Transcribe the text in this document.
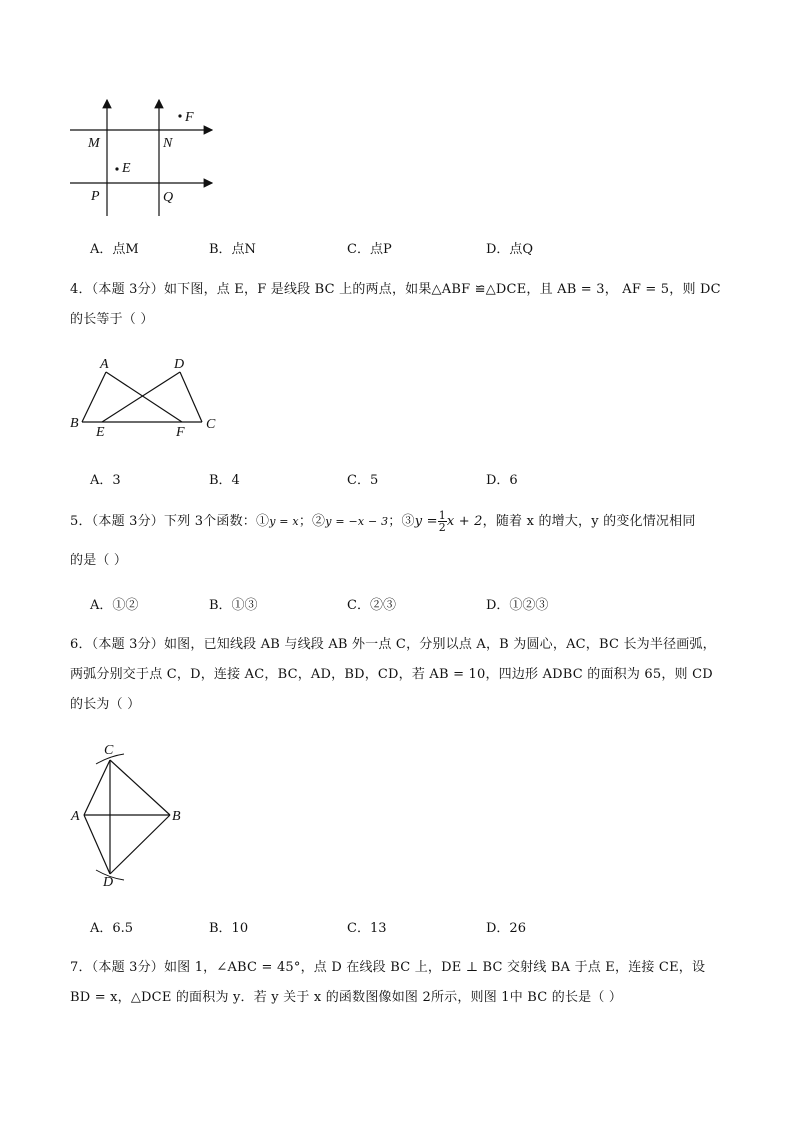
F
M	N
E
P	Q
A．点M	B．点N	C．点P	D．点Q
4．（本题 3分）如下图，点 E，F 是线段 BC 上的两点，如果△ABF ≌△DCE，且 AB = 3， AF = 5，则 DC
的长等于（ ）
A	D
B
E	F
C
A．3	B．4	C．5	D．6
5．（本题 3分）下列 3个函数：①y = x；②y = −x − 3；③y = $\frac{1}{2}$ x + 2，随着 x 的增大，y 的变化情况相同
的是（ ）
A．①②	B．①③	C．②③	D．①②③
6．（本题 3分）如图，已知线段 AB 与线段 AB 外一点 C，分别以点 A，B 为圆心，AC，BC 长为半径画弧，
两弧分别交于点 C，D，连接 AC，BC，AD，BD，CD，若 AB = 10，四边形 ADBC 的面积为 65，则 CD
的长为（ ）
C
A	B
D
A．6.5	B．10	C．13	D．26
7．（本题 3分）如图 1，∠ABC = 45°，点 D 在线段 BC 上，DE ⊥ BC 交射线 BA 于点 E，连接 CE，设
BD = x，△DCE 的面积为 y．若 y 关于 x 的函数图像如图 2所示，则图 1中 BC 的长是（ ）
